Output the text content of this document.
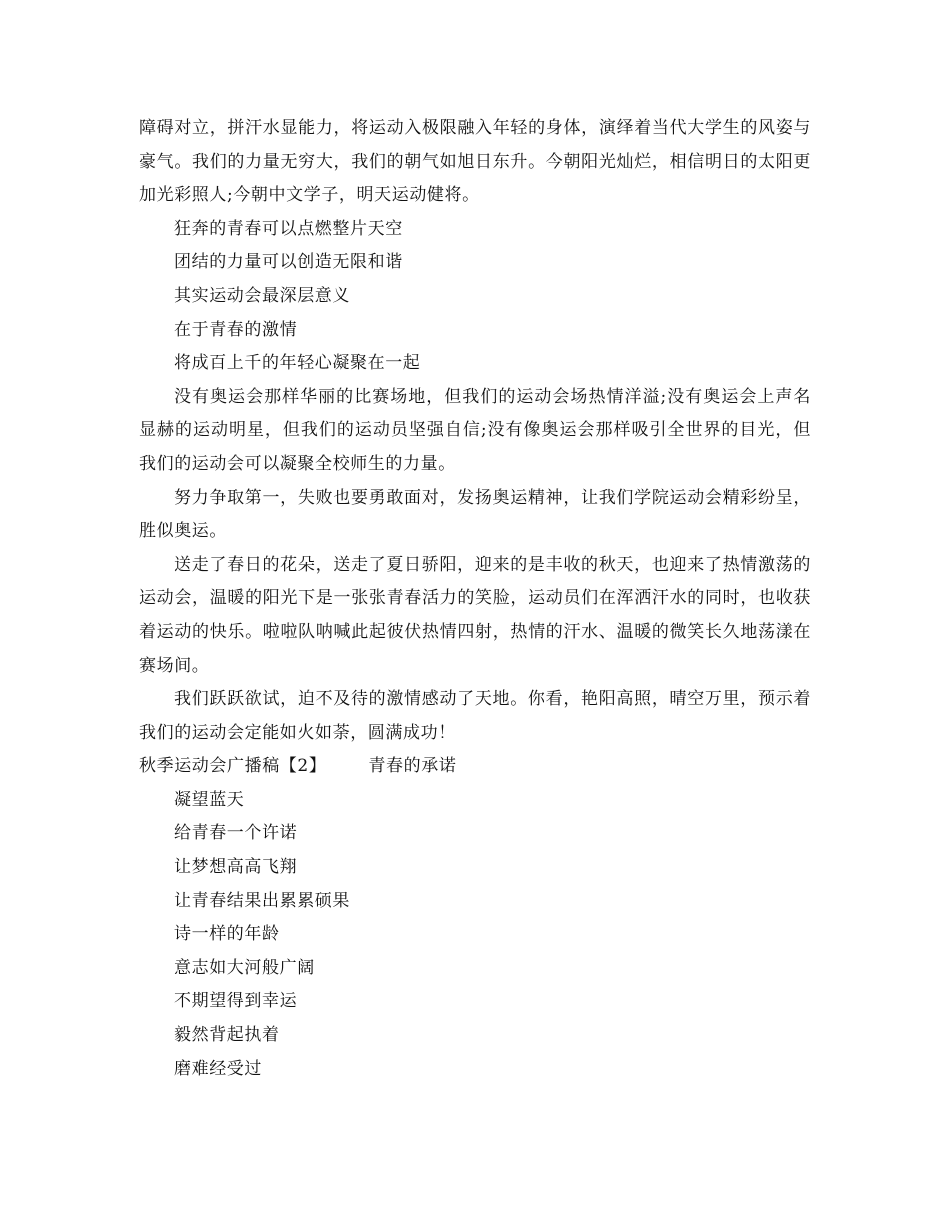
障碍对立，拼汗水显能力，将运动入极限融入年轻的身体，演绎着当代大学生的风姿与豪气。我们的力量无穷大，我们的朝气如旭日东升。今朝阳光灿烂，相信明日的太阳更加光彩照人;今朝中文学子，明天运动健将。

狂奔的青春可以点燃整片天空

团结的力量可以创造无限和谐

其实运动会最深层意义

在于青春的激情

将成百上千的年轻心凝聚在一起

没有奥运会那样华丽的比赛场地，但我们的运动会场热情洋溢;没有奥运会上声名显赫的运动明星，但我们的运动员坚强自信;没有像奥运会那样吸引全世界的目光，但我们的运动会可以凝聚全校师生的力量。

努力争取第一，失败也要勇敢面对，发扬奥运精神，让我们学院运动会精彩纷呈，胜似奥运。

送走了春日的花朵，送走了夏日骄阳，迎来的是丰收的秋天，也迎来了热情激荡的运动会，温暖的阳光下是一张张青春活力的笑脸，运动员们在浑洒汗水的同时，也收获着运动的快乐。啦啦队呐喊此起彼伏热情四射，热情的汗水、温暖的微笑长久地荡漾在赛场间。

我们跃跃欲试，迫不及待的激情感动了天地。你看，艳阳高照，晴空万里，预示着我们的运动会定能如火如荼，圆满成功！

秋季运动会广播稿【2】 青春的承诺

凝望蓝天

给青春一个许诺

让梦想高高飞翔

让青春结果出累累硕果

诗一样的年龄

意志如大河般广阔

不期望得到幸运

毅然背起执着

磨难经受过
